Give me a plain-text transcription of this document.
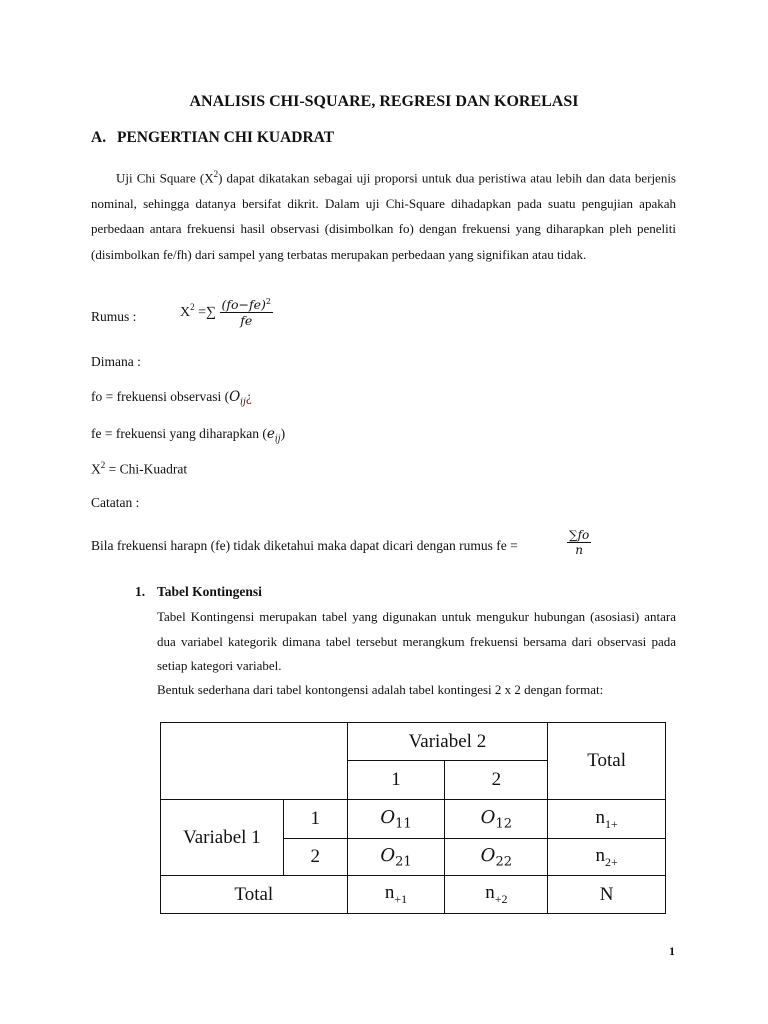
ANALISIS CHI-SQUARE, REGRESI DAN KORELASI
A. PENGERTIAN CHI KUADRAT
Uji Chi Square $(X^2)$ dapat dikatakan sebagai uji proporsi untuk dua peristiwa atau lebih dan data berjenis nominal, sehingga datanya bersifat dikrit. Dalam uji Chi-Square dihadapkan pada suatu pengujian apakah perbedaan antara frekuensi hasil observasi (disimbolkan fo) dengan frekuensi yang diharapkan pleh peneliti (disimbolkan fe/fh) dari sampel yang terbatas merupakan perbedaan yang signifikan atau tidak.
Rumus :	$X^2$ =∑ $\frac{(fo-fe)^2}{fe}$
Dimana :
fo = frekuensi observasi ($O_{ij}¿$
fe = frekuensi yang diharapkan $(e_{ij})$
$X^2$ = Chi-Kuadrat
Catatan :
Bila frekuensi harapn (fe) tidak diketahui maka dapat dicari dengan rumus fe =	$\frac{\sum fo}{n}$
1. Tabel Kontingensi
Tabel Kontingensi merupakan tabel yang digunakan untuk mengukur hubungan (asosiasi) antara dua variabel kategorik dimana tabel tersebut merangkum frekuensi bersama dari observasi pada setiap kategori variabel.
Bentuk sederhana dari tabel kontongensi adalah tabel kontingesi 2 x 2 dengan format:
		Variabel 2		Total
		1	2	
Variabel 1	1	$O_{11}$	$O_{12}$	$n_{1+}$
	2	$O_{21}$	$O_{22}$	$n_{2+}$
Total		$n_{+1}$	$n_{+2}$	N
1
